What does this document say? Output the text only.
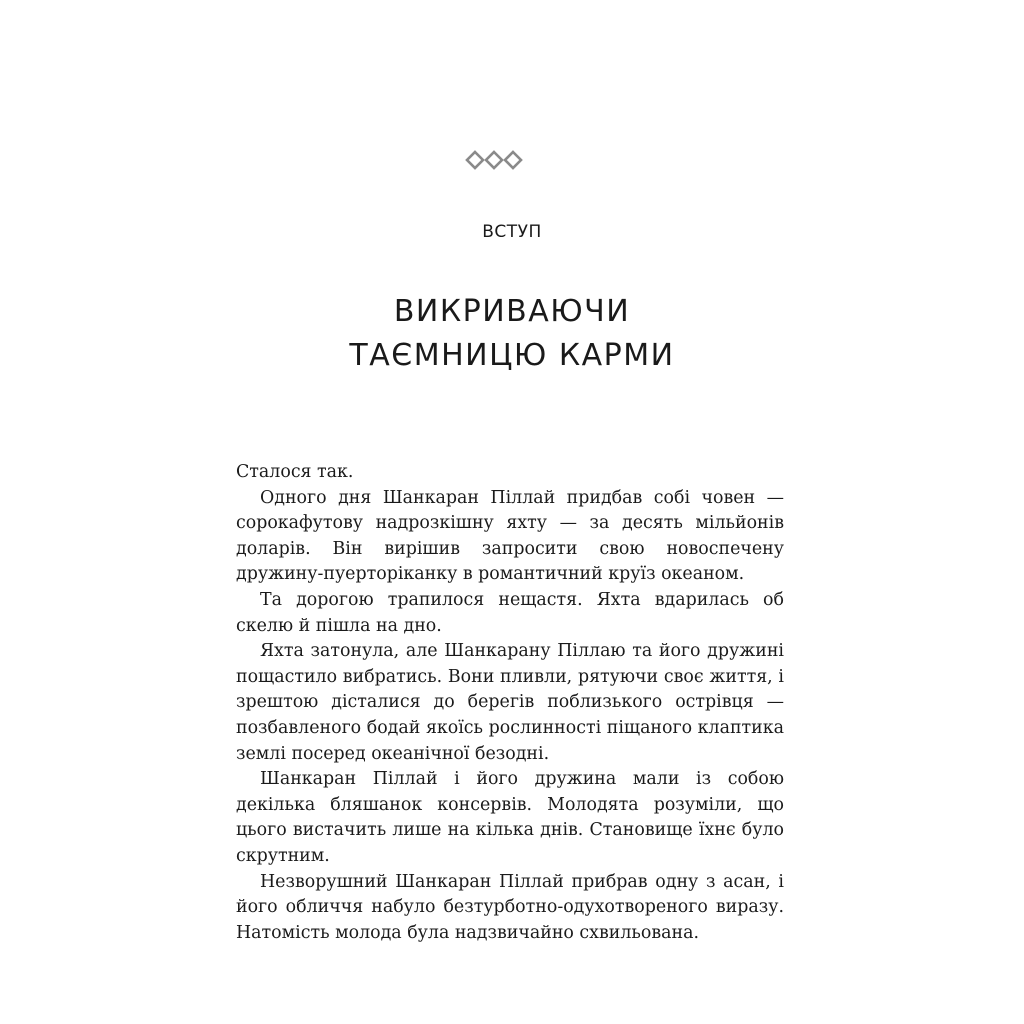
ВСТУП
ВИКРИВАЮЧИ
ТАЄМНИЦЮ КАРМИ

Сталося так.

Одного дня Шанкаран Піллай придбав собі човен — сорокафутову надрозкішну яхту — за десять мільйонів доларів. Він вирішив запросити свою новоспечену дружину-пуерторіканку в романтичний круїз океаном.

Та дорогою трапилося нещастя. Яхта вдарилась об скелю й пішла на дно.

Яхта затонула, але Шанкарану Піллаю та його дружині пощастило вибратись. Вони пливли, рятуючи своє життя, і зрештою дісталися до берегів поблизького острівця — позбавленого бодай якоїсь рослинності піщаного клаптика землі посеред океанічної безодні.

Шанкаран Піллай і його дружина мали із собою декілька бляшанок консервів. Молодята розуміли, що цього вистачить лише на кілька днів. Становище їхнє було скрутним.

Незворушний Шанкаран Піллай прибрав одну з асан, і його обличчя набуло безтурботно-одухотвореного виразу. Натомість молода була надзвичайно схвильована.
